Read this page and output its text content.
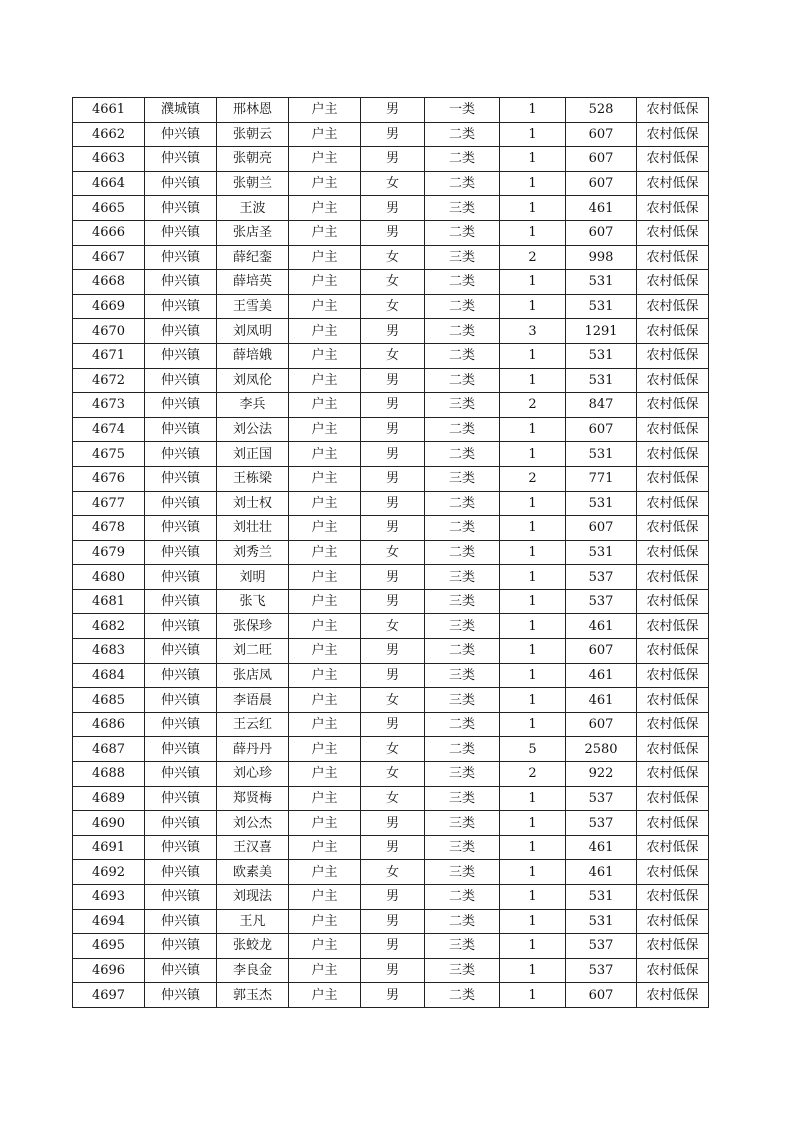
4661	濮城镇	邢林恩	户主	男	一类	1	528	农村低保
4662	仲兴镇	张朝云	户主	男	二类	1	607	农村低保
4663	仲兴镇	张朝亮	户主	男	二类	1	607	农村低保
4664	仲兴镇	张朝兰	户主	女	二类	1	607	农村低保
4665	仲兴镇	王波	户主	男	三类	1	461	农村低保
4666	仲兴镇	张店圣	户主	男	二类	1	607	农村低保
4667	仲兴镇	薛纪銮	户主	女	三类	2	998	农村低保
4668	仲兴镇	薛培英	户主	女	二类	1	531	农村低保
4669	仲兴镇	王雪美	户主	女	二类	1	531	农村低保
4670	仲兴镇	刘凤明	户主	男	二类	3	1291	农村低保
4671	仲兴镇	薛培娥	户主	女	二类	1	531	农村低保
4672	仲兴镇	刘凤伦	户主	男	二类	1	531	农村低保
4673	仲兴镇	李兵	户主	男	三类	2	847	农村低保
4674	仲兴镇	刘公法	户主	男	二类	1	607	农村低保
4675	仲兴镇	刘正国	户主	男	二类	1	531	农村低保
4676	仲兴镇	王栋梁	户主	男	三类	2	771	农村低保
4677	仲兴镇	刘士权	户主	男	二类	1	531	农村低保
4678	仲兴镇	刘壮壮	户主	男	二类	1	607	农村低保
4679	仲兴镇	刘秀兰	户主	女	二类	1	531	农村低保
4680	仲兴镇	刘明	户主	男	三类	1	537	农村低保
4681	仲兴镇	张飞	户主	男	三类	1	537	农村低保
4682	仲兴镇	张保珍	户主	女	三类	1	461	农村低保
4683	仲兴镇	刘二旺	户主	男	二类	1	607	农村低保
4684	仲兴镇	张店凤	户主	男	三类	1	461	农村低保
4685	仲兴镇	李语晨	户主	女	三类	1	461	农村低保
4686	仲兴镇	王云红	户主	男	二类	1	607	农村低保
4687	仲兴镇	薛丹丹	户主	女	二类	5	2580	农村低保
4688	仲兴镇	刘心珍	户主	女	三类	2	922	农村低保
4689	仲兴镇	郑贤梅	户主	女	三类	1	537	农村低保
4690	仲兴镇	刘公杰	户主	男	三类	1	537	农村低保
4691	仲兴镇	王汉喜	户主	男	三类	1	461	农村低保
4692	仲兴镇	欧素美	户主	女	三类	1	461	农村低保
4693	仲兴镇	刘现法	户主	男	二类	1	531	农村低保
4694	仲兴镇	王凡	户主	男	二类	1	531	农村低保
4695	仲兴镇	张蛟龙	户主	男	三类	1	537	农村低保
4696	仲兴镇	李良金	户主	男	三类	1	537	农村低保
4697	仲兴镇	郭玉杰	户主	男	二类	1	607	农村低保
